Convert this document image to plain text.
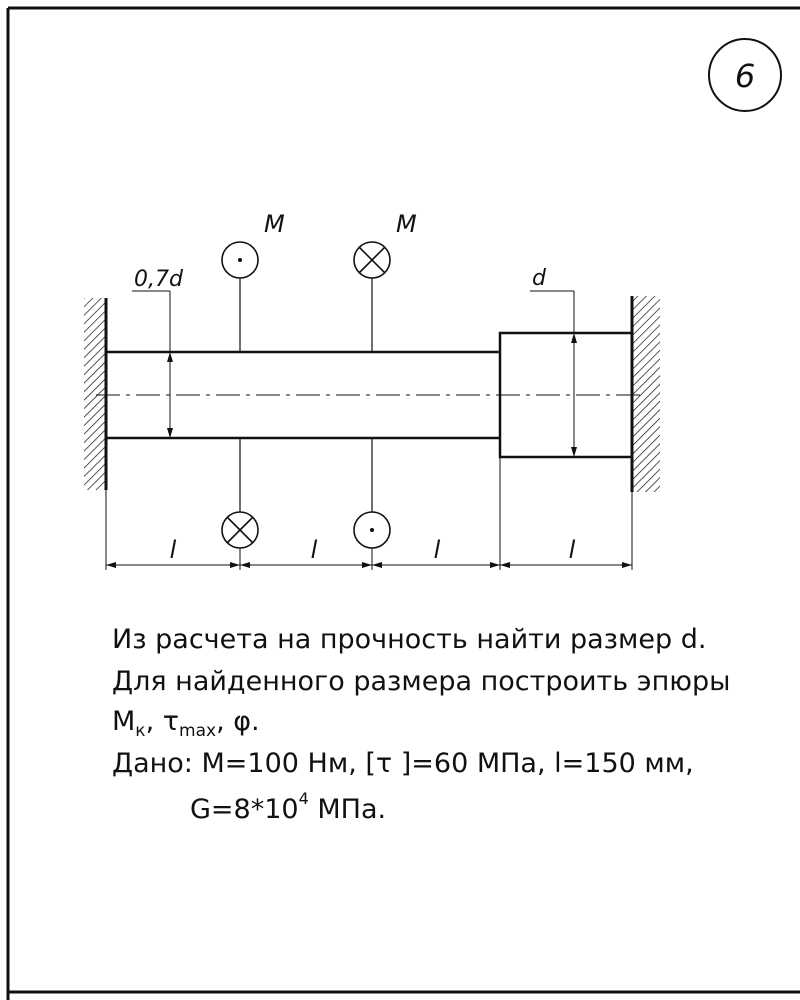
6
0,7d	d
M	M
l	l	l	l
Из расчета на прочность найти размер d.
Для найденного размера построить эпюры
$M_к$, $\tau_{max}$, φ.
Дано: M=100 Нм, [τ ]=60 МПа, l=150 мм,
$G=8*10^4$ МПа.
